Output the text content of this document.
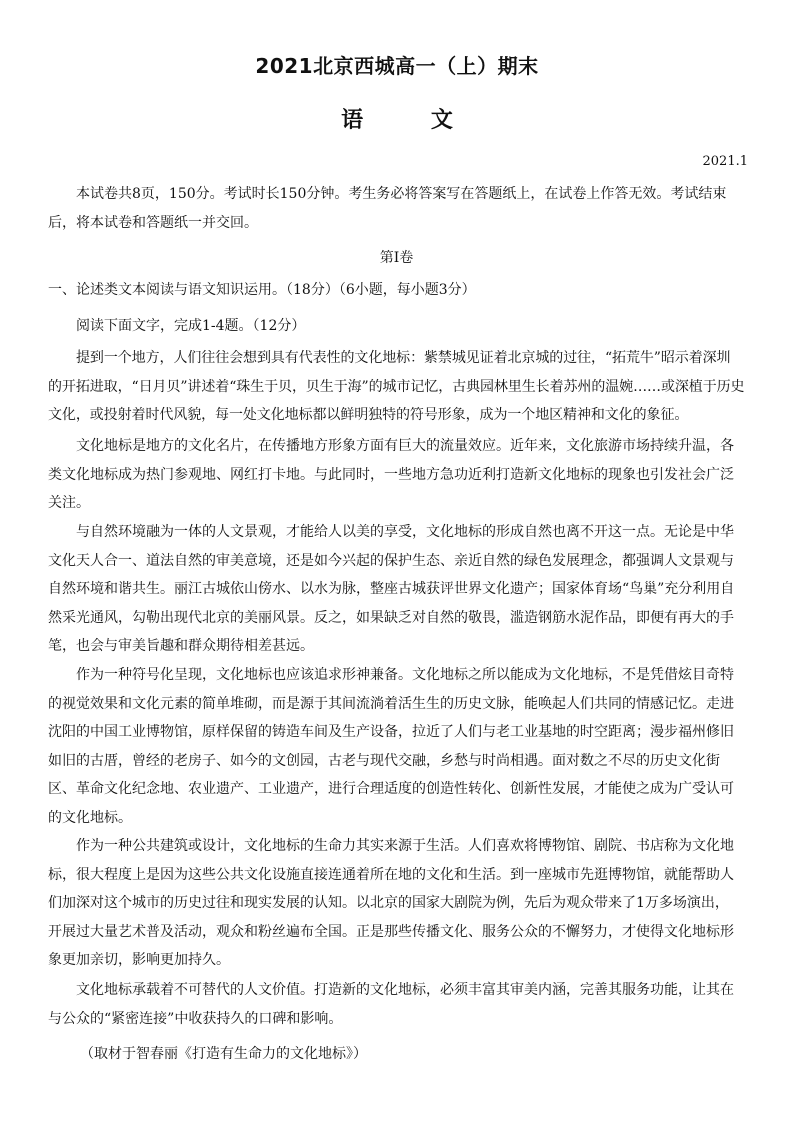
2021北京西城高一（上）期末
语 文
2021.1
本试卷共8页，150分。考试时长150分钟。考生务必将答案写在答题纸上，在试卷上作答无效。考试结束
后，将本试卷和答题纸一并交回。
第I卷
一、论述类文本阅读与语文知识运用。（18分）（6小题，每小题3分）
阅读下面文字，完成1-4题。（12分）
提到一个地方，人们往往会想到具有代表性的文化地标：紫禁城见证着北京城的过往，“拓荒牛”昭示着深圳
的开拓进取，“日月贝”讲述着“珠生于贝，贝生于海”的城市记忆，古典园林里生长着苏州的温婉……或深植于历史
文化，或投射着时代风貌，每一处文化地标都以鲜明独特的符号形象，成为一个地区精神和文化的象征。
文化地标是地方的文化名片，在传播地方形象方面有巨大的流量效应。近年来，文化旅游市场持续升温，各
类文化地标成为热门参观地、网红打卡地。与此同时，一些地方急功近利打造新文化地标的现象也引发社会广泛
关注。
与自然环境融为一体的人文景观，才能给人以美的享受，文化地标的形成自然也离不开这一点。无论是中华
文化天人合一、道法自然的审美意境，还是如今兴起的保护生态、亲近自然的绿色发展理念，都强调人文景观与
自然环境和谐共生。丽江古城依山傍水、以水为脉，整座古城获评世界文化遗产；国家体育场“鸟巢”充分利用自
然采光通风，勾勒出现代北京的美丽风景。反之，如果缺乏对自然的敬畏，滥造钢筋水泥作品，即便有再大的手
笔，也会与审美旨趣和群众期待相差甚远。
作为一种符号化呈现，文化地标也应该追求形神兼备。文化地标之所以能成为文化地标，不是凭借炫目奇特
的视觉效果和文化元素的简单堆砌，而是源于其间流淌着活生生的历史文脉，能唤起人们共同的情感记忆。走进
沈阳的中国工业博物馆，原样保留的铸造车间及生产设备，拉近了人们与老工业基地的时空距离；漫步福州修旧
如旧的古厝，曾经的老房子、如今的文创园，古老与现代交融，乡愁与时尚相遇。面对数之不尽的历史文化街
区、革命文化纪念地、农业遗产、工业遗产，进行合理适度的创造性转化、创新性发展，才能使之成为广受认可
的文化地标。
作为一种公共建筑或设计，文化地标的生命力其实来源于生活。人们喜欢将博物馆、剧院、书店称为文化地
标，很大程度上是因为这些公共文化设施直接连通着所在地的文化和生活。到一座城市先逛博物馆，就能帮助人
们加深对这个城市的历史过往和现实发展的认知。以北京的国家大剧院为例，先后为观众带来了1万多场演出，
开展过大量艺术普及活动，观众和粉丝遍布全国。正是那些传播文化、服务公众的不懈努力，才使得文化地标形
象更加亲切，影响更加持久。
文化地标承载着不可替代的人文价值。打造新的文化地标，必须丰富其审美内涵，完善其服务功能，让其在
与公众的“紧密连接”中收获持久的口碑和影响。
（取材于智春丽《打造有生命力的文化地标》）
